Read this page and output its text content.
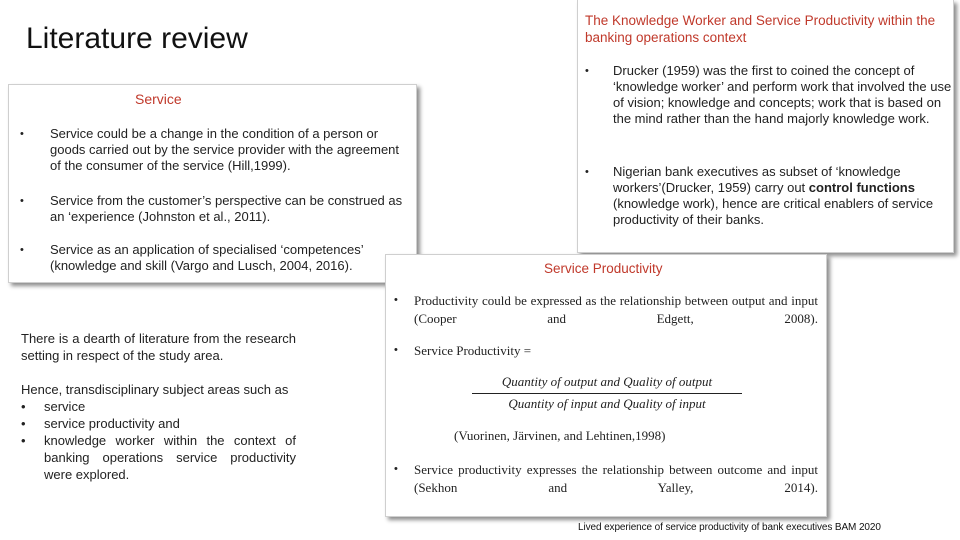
Literature review
Service
• Service could be a change in the condition of a person or goods carried out by the service provider with the agreement of the consumer of the service (Hill,1999).
• Service from the customer’s perspective can be construed as an ‘experience (Johnston et al., 2011).
• Service as an application of specialised ‘competences’ (knowledge and skill (Vargo and Lusch, 2004, 2016).
The Knowledge Worker and Service Productivity within the banking operations context
• Drucker (1959) was the first to coined the concept of ‘knowledge worker’ and perform work that involved the use of vision; knowledge and concepts; work that is based on the mind rather than the hand majorly knowledge work.
• Nigerian bank executives as subset of ‘knowledge workers’(Drucker, 1959) carry out control functions (knowledge work), hence are critical enablers of service productivity of their banks.
There is a dearth of literature from the research setting in respect of the study area.
Hence, transdisciplinary subject areas such as
• service
• service productivity and
• knowledge worker within the context of banking operations service productivity were explored.
Service Productivity
• Productivity could be expressed as the relationship between output and input (Cooper and Edgett, 2008).
• Service Productivity =
Quantity of output and Quality of output
Quantity of input and Quality of input
(Vuorinen, Järvinen, and Lehtinen,1998)
• Service productivity expresses the relationship between outcome and input (Sekhon and Yalley, 2014).
Lived experience of service productivity of bank executives BAM 2020
